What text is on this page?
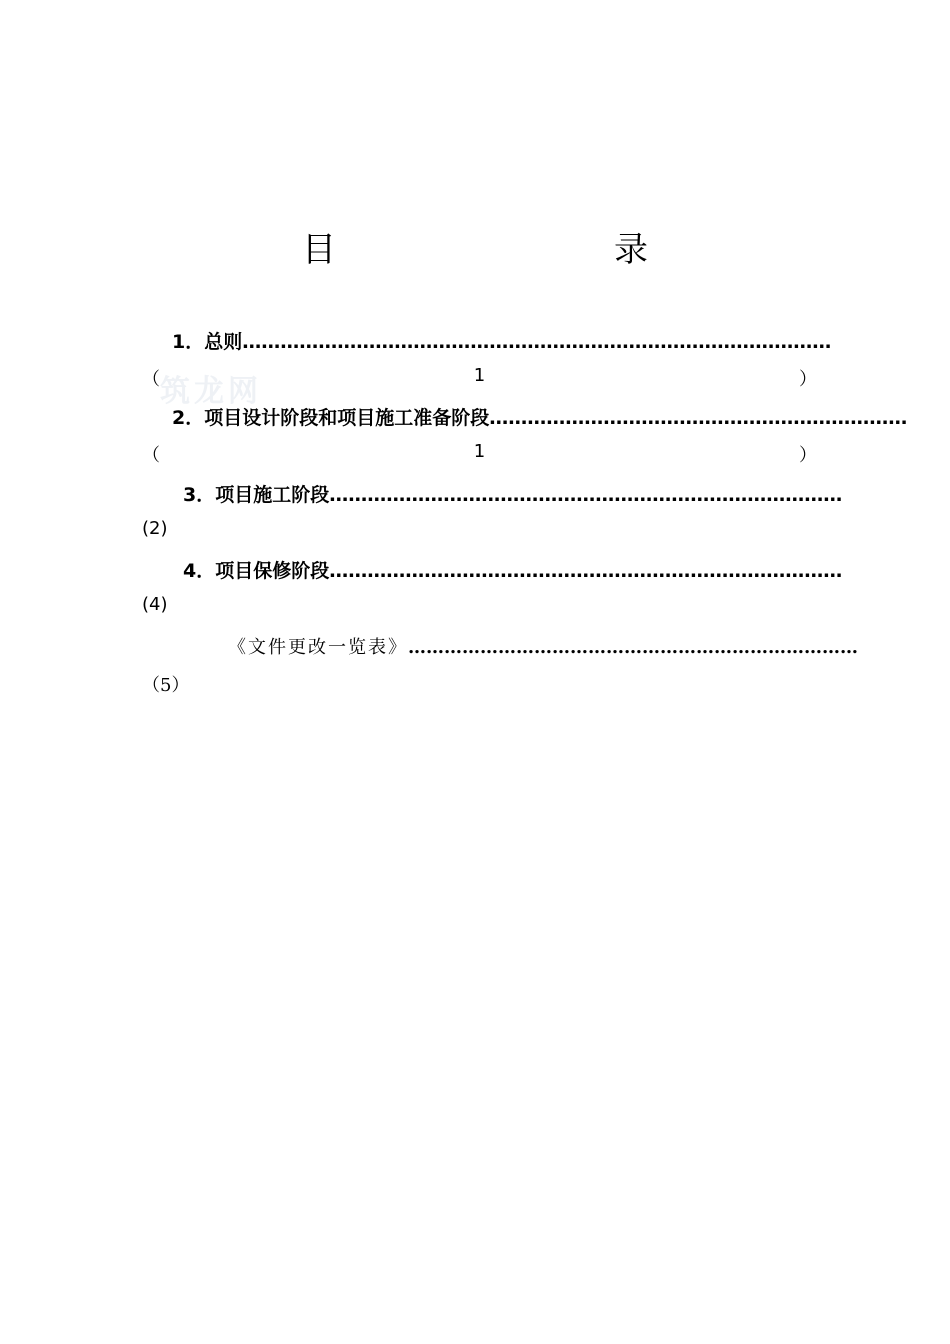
目　　录
筑龙网
1．总则 …………………………………………………………………………………
（	1	）
2．项目设计阶段和项目施工准备阶段 …………………………………………………………
（	1	）
3．项目施工阶段 ………………………………………………………………………
(2)
4．项目保修阶段 ………………………………………………………………………
(4)
《文件更改一览表》 …………………………………………………………………
（5）
